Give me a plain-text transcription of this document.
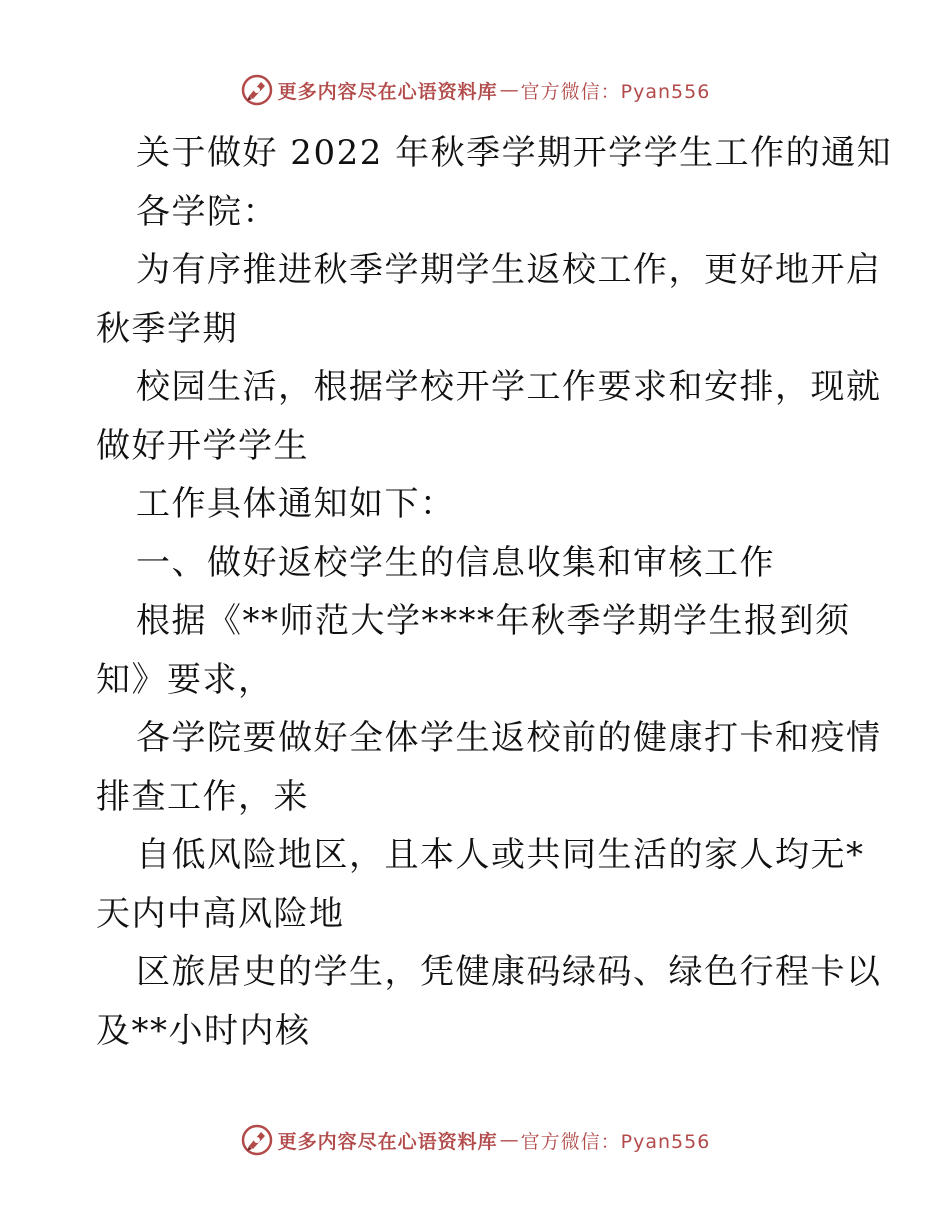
更多内容尽在心语资料库 — 官方微信：Pyan556
关于做好 2022 年秋季学期开学学生工作的通知
各学院：
为有序推进秋季学期学生返校工作，更好地开启
秋季学期
校园生活，根据学校开学工作要求和安排，现就
做好开学学生
工作具体通知如下：
一、做好返校学生的信息收集和审核工作
根据《**师范大学****年秋季学期学生报到须
知》要求，
各学院要做好全体学生返校前的健康打卡和疫情
排查工作，来
自低风险地区，且本人或共同生活的家人均无*
天内中高风险地
区旅居史的学生，凭健康码绿码、绿色行程卡以
及**小时内核
更多内容尽在心语资料库 — 官方微信：Pyan556
